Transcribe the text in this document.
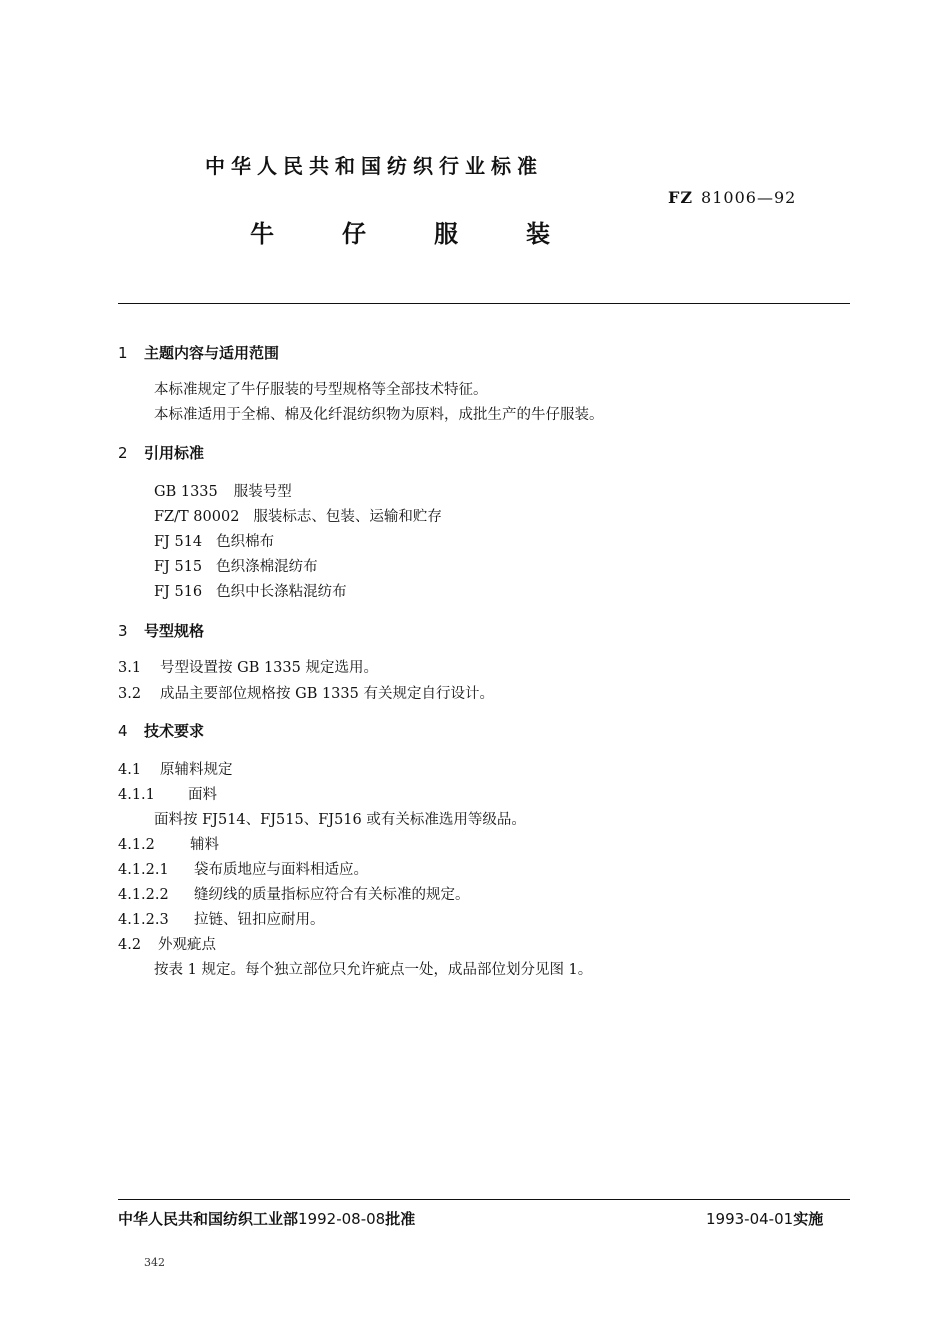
中华人民共和国纺织行业标准
FZ 81006—92
牛	仔	服	装
1 主题内容与适用范围
本标准规定了牛仔服装的号型规格等全部技术特征。
本标准适用于全棉、棉及化纤混纺织物为原料，成批生产的牛仔服装。
2 引用标准
GB 1335 服装号型
FZ/T 80002 服装标志、包装、运输和贮存
FJ 514 色织棉布
FJ 515 色织涤棉混纺布
FJ 516 色织中长涤粘混纺布
3 号型规格
3.1 号型设置按 GB 1335 规定选用。
3.2 成品主要部位规格按 GB 1335 有关规定自行设计。
4 技术要求
4.1 原辅料规定
4.1.1 面料
面料按 FJ514、FJ515、FJ516 或有关标准选用等级品。
4.1.2 辅料
4.1.2.1 袋布质地应与面料相适应。
4.1.2.2 缝纫线的质量指标应符合有关标准的规定。
4.1.2.3 拉链、钮扣应耐用。
4.2 外观疵点
按表 1 规定。每个独立部位只允许疵点一处，成品部位划分见图 1。
中华人民共和国纺织工业部1992-08-08批准	1993-04-01实施
342
